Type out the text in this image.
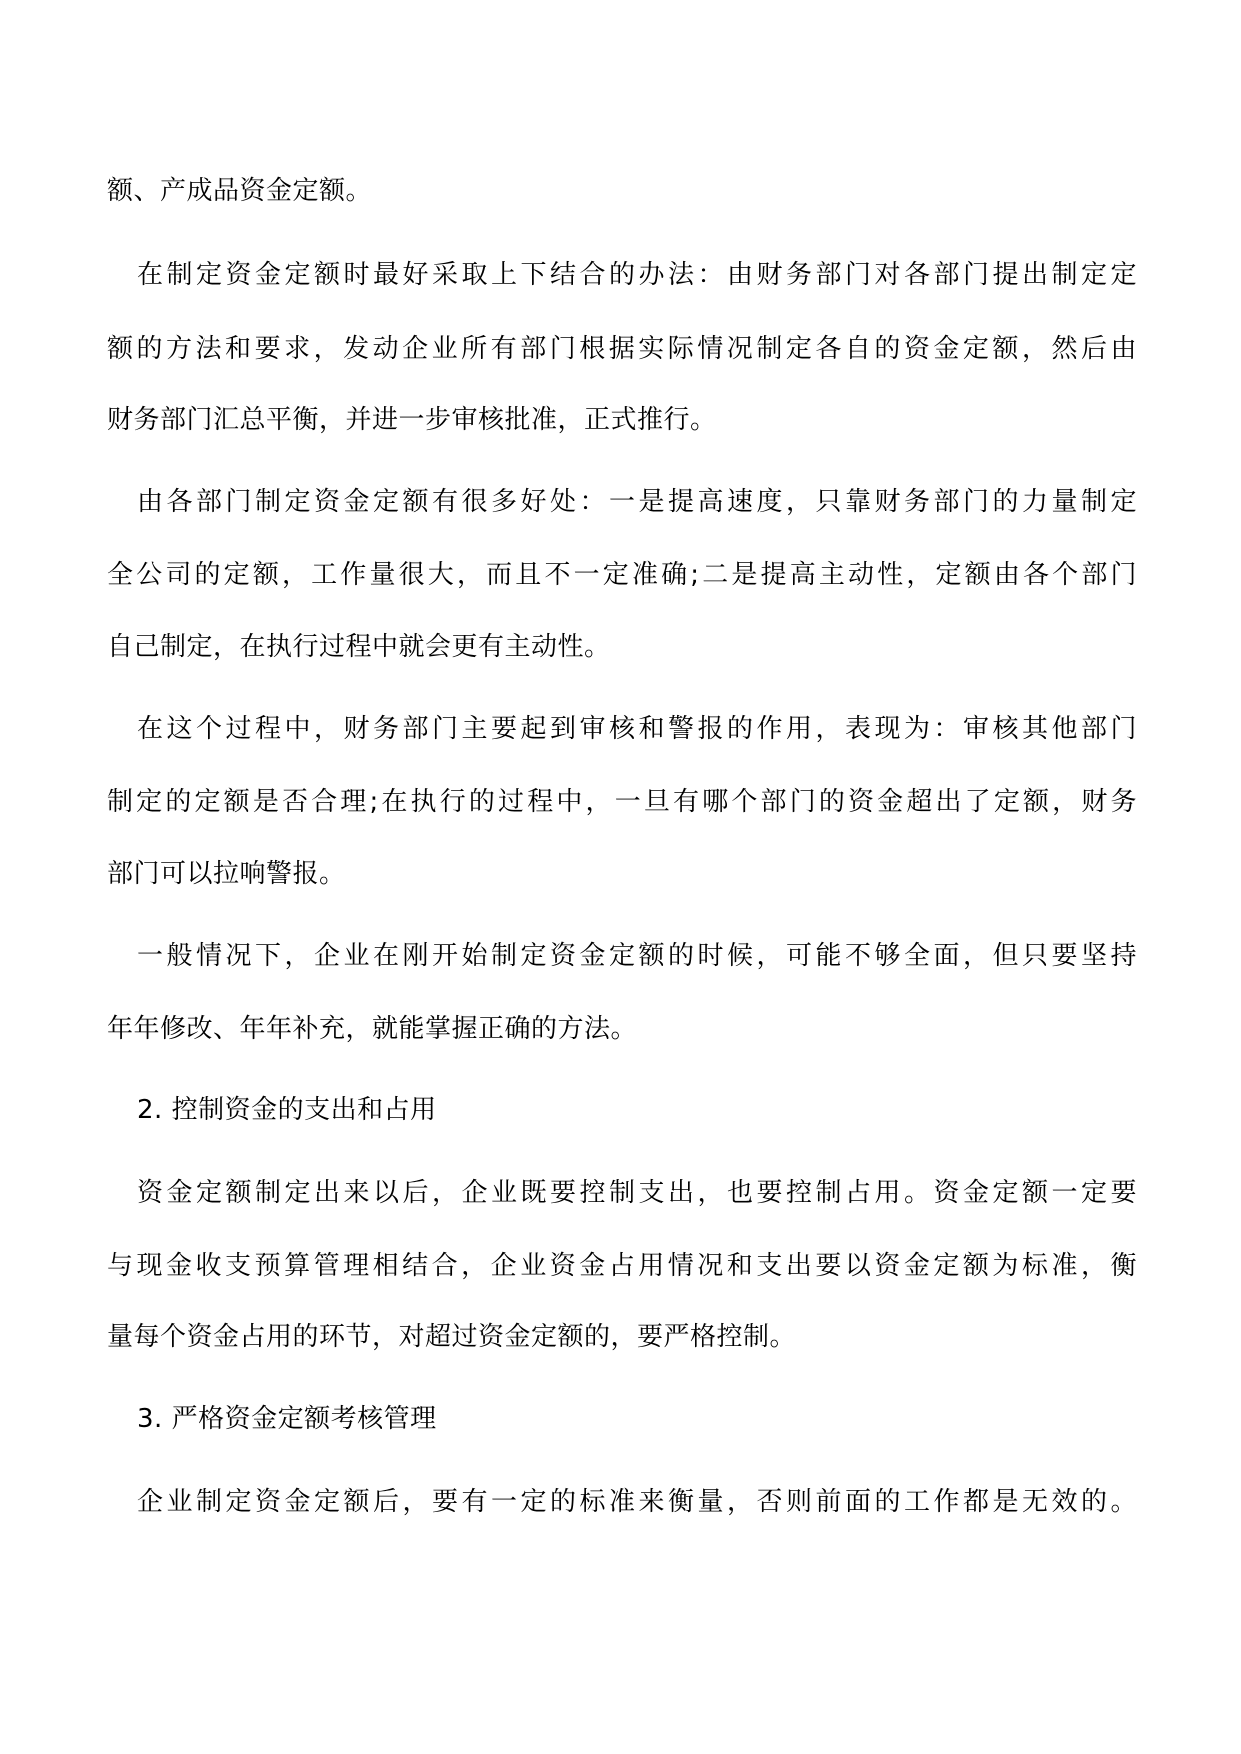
额、产成品资金定额。
在制定资金定额时最好采取上下结合的办法：由财务部门对各部门提出制定定
额的方法和要求，发动企业所有部门根据实际情况制定各自的资金定额，然后由
财务部门汇总平衡，并进一步审核批准，正式推行。
由各部门制定资金定额有很多好处：一是提高速度，只靠财务部门的力量制定
全公司的定额，工作量很大，而且不一定准确;二是提高主动性，定额由各个部门
自己制定，在执行过程中就会更有主动性。
在这个过程中，财务部门主要起到审核和警报的作用，表现为：审核其他部门
制定的定额是否合理;在执行的过程中，一旦有哪个部门的资金超出了定额，财务
部门可以拉响警报。
一般情况下，企业在刚开始制定资金定额的时候，可能不够全面，但只要坚持
年年修改、年年补充，就能掌握正确的方法。
2. 控制资金的支出和占用
资金定额制定出来以后，企业既要控制支出，也要控制占用。资金定额一定要
与现金收支预算管理相结合，企业资金占用情况和支出要以资金定额为标准，衡
量每个资金占用的环节，对超过资金定额的，要严格控制。
3. 严格资金定额考核管理
企业制定资金定额后，要有一定的标准来衡量，否则前面的工作都是无效的。
